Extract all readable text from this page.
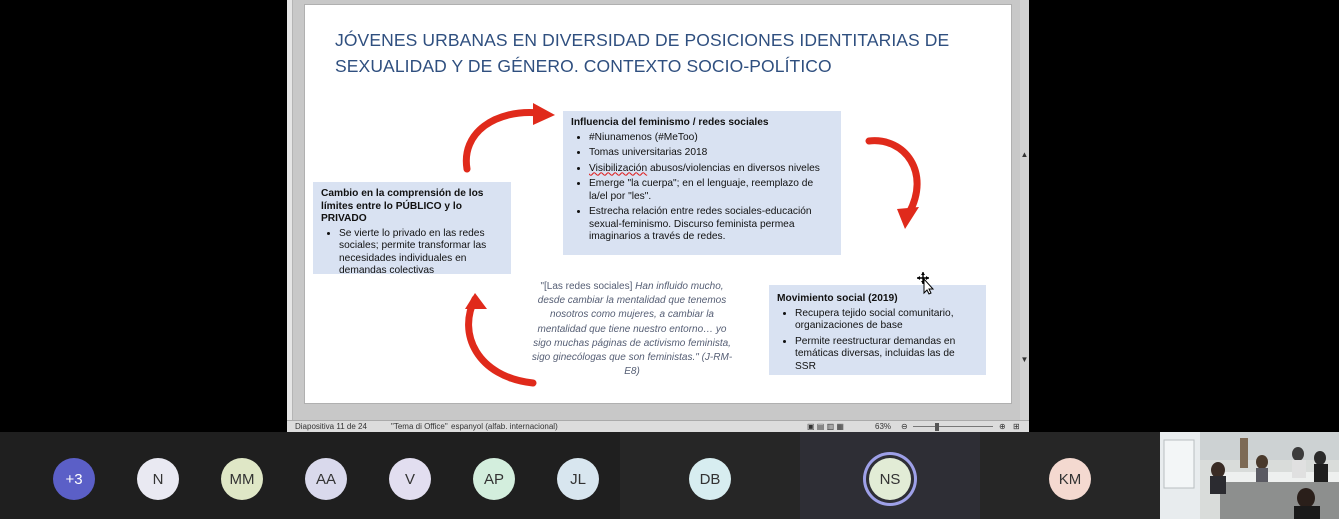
JÓVENES URBANAS EN DIVERSIDAD DE POSICIONES IDENTITARIAS DE
SEXUALIDAD Y DE GÉNERO. CONTEXTO SOCIO-POLÍTICO
Influencia del feminismo / redes sociales
• #Niunamenos (#MeToo)
• Tomas universitarias 2018
• Visibilización abusos/violencias en diversos niveles
• Emerge "la cuerpa"; en el lenguaje, reemplazo de la/el por "les".
• Estrecha relación entre redes sociales-educación sexual-feminismo. Discurso feminista permea imaginarios a través de redes.
Cambio en la comprensión de los límites entre lo PÚBLICO y lo PRIVADO
• Se vierte lo privado en las redes sociales; permite transformar las necesidades individuales en demandas colectivas
Movimiento social (2019)
• Recupera tejido social comunitario, organizaciones de base
• Permite reestructurar demandas en temáticas diversas, incluidas las de SSR
"[Las redes sociales] Han influido mucho, desde cambiar la mentalidad que tenemos nosotros como mujeres, a cambiar la mentalidad que tiene nuestro entorno… yo sigo muchas páginas de activismo feminista, sigo ginecólogas que son feministas." (J-RM-E8)
▲
▼
Diapositiva 11 de 24	"Tema di Office" espanyol (alfab. internacional)	▣ ▤ ▥ ▦	63% ⊖	⊕ ⊞
+3	N	MM	AA	V	AP	JL	DB	NS	KM
